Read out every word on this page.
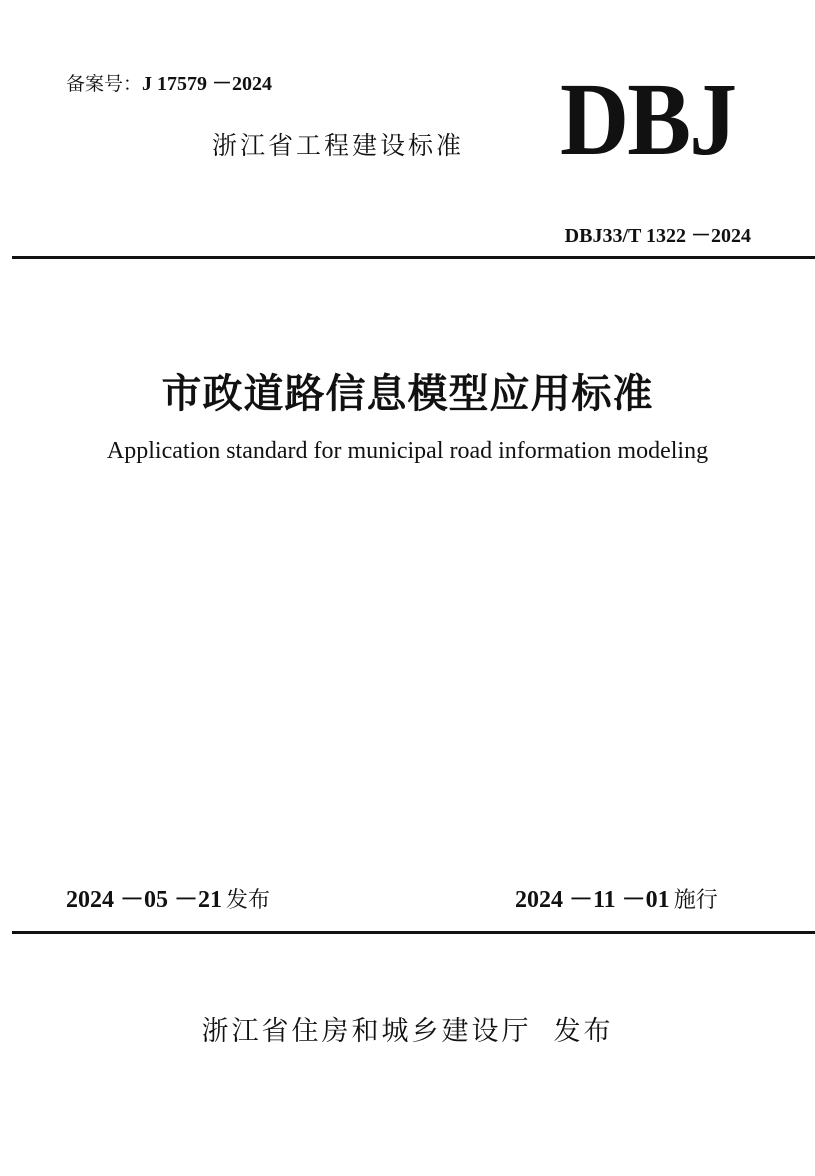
备案号：J 17579 －2024
浙江省工程建设标准 DBJ
DBJ33/T 1322 －2024
市政道路信息模型应用标准
Application standard for municipal road information modeling
2024 －05 －21 发布	2024 －11 －01 施行
浙江省住房和城乡建设厅 发布
